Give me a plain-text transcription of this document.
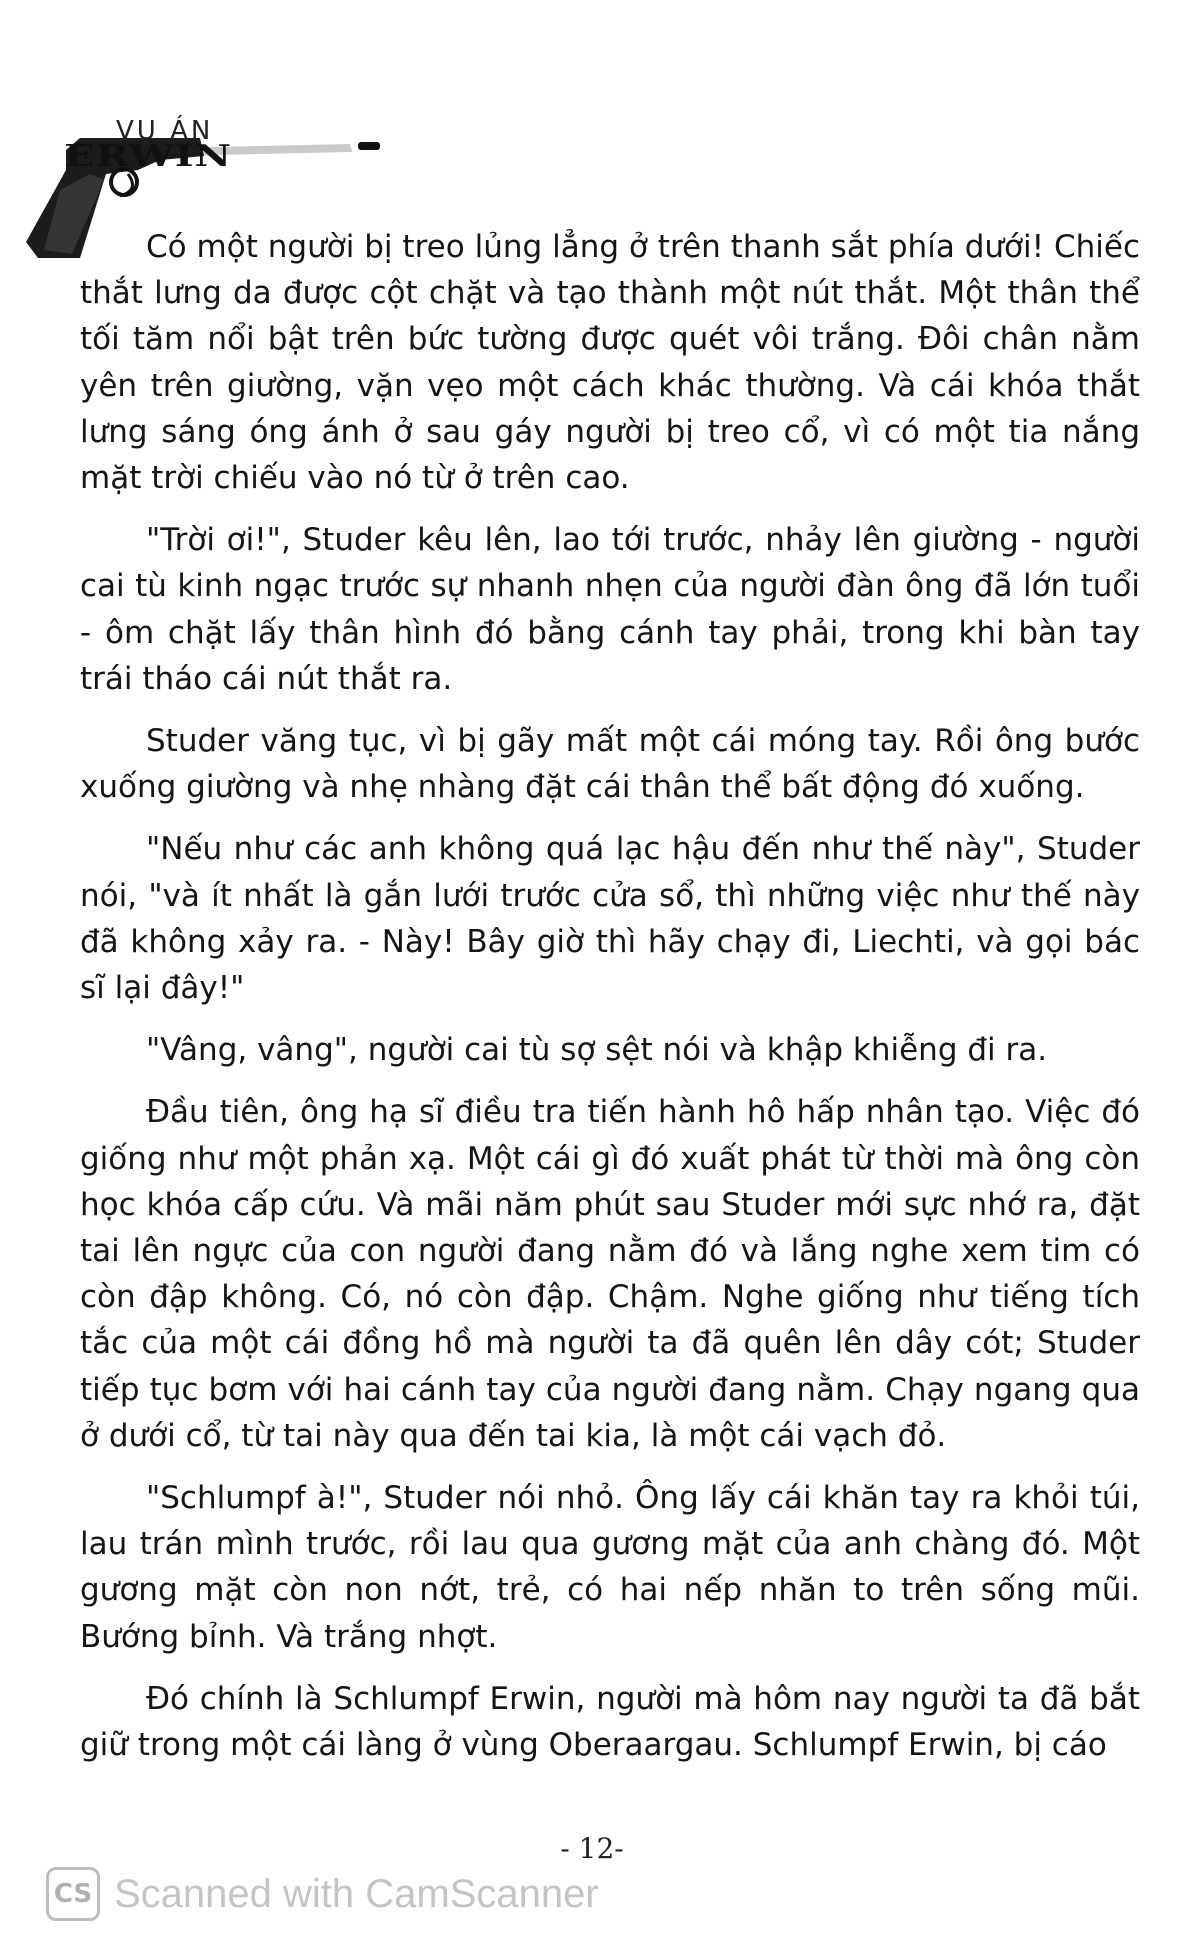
VỤ ÁN
ERWIN

Có một người bị treo lủng lẳng ở trên thanh sắt phía dưới! Chiếc thắt lưng da được cột chặt và tạo thành một nút thắt. Một thân thể tối tăm nổi bật trên bức tường được quét vôi trắng. Đôi chân nằm yên trên giường, vặn vẹo một cách khác thường. Và cái khóa thắt lưng sáng óng ánh ở sau gáy người bị treo cổ, vì có một tia nắng mặt trời chiếu vào nó từ ở trên cao.

"Trời ơi!", Studer kêu lên, lao tới trước, nhảy lên giường - người cai tù kinh ngạc trước sự nhanh nhẹn của người đàn ông đã lớn tuổi - ôm chặt lấy thân hình đó bằng cánh tay phải, trong khi bàn tay trái tháo cái nút thắt ra.

Studer văng tục, vì bị gãy mất một cái móng tay. Rồi ông bước xuống giường và nhẹ nhàng đặt cái thân thể bất động đó xuống.

"Nếu như các anh không quá lạc hậu đến như thế này", Studer nói, "và ít nhất là gắn lưới trước cửa sổ, thì những việc như thế này đã không xảy ra. - Này! Bây giờ thì hãy chạy đi, Liechti, và gọi bác sĩ lại đây!"

"Vâng, vâng", người cai tù sợ sệt nói và khập khiễng đi ra.

Đầu tiên, ông hạ sĩ điều tra tiến hành hô hấp nhân tạo. Việc đó giống như một phản xạ. Một cái gì đó xuất phát từ thời mà ông còn học khóa cấp cứu. Và mãi năm phút sau Studer mới sực nhớ ra, đặt tai lên ngực của con người đang nằm đó và lắng nghe xem tim có còn đập không. Có, nó còn đập. Chậm. Nghe giống như tiếng tích tắc của một cái đồng hồ mà người ta đã quên lên dây cót; Studer tiếp tục bơm với hai cánh tay của người đang nằm. Chạy ngang qua ở dưới cổ, từ tai này qua đến tai kia, là một cái vạch đỏ.

"Schlumpf à!", Studer nói nhỏ. Ông lấy cái khăn tay ra khỏi túi, lau trán mình trước, rồi lau qua gương mặt của anh chàng đó. Một gương mặt còn non nớt, trẻ, có hai nếp nhăn to trên sống mũi. Bướng bỉnh. Và trắng nhợt.

Đó chính là Schlumpf Erwin, người mà hôm nay người ta đã bắt giữ trong một cái làng ở vùng Oberaargau. Schlumpf Erwin, bị cáo

- 12-
CS Scanned with CamScanner
